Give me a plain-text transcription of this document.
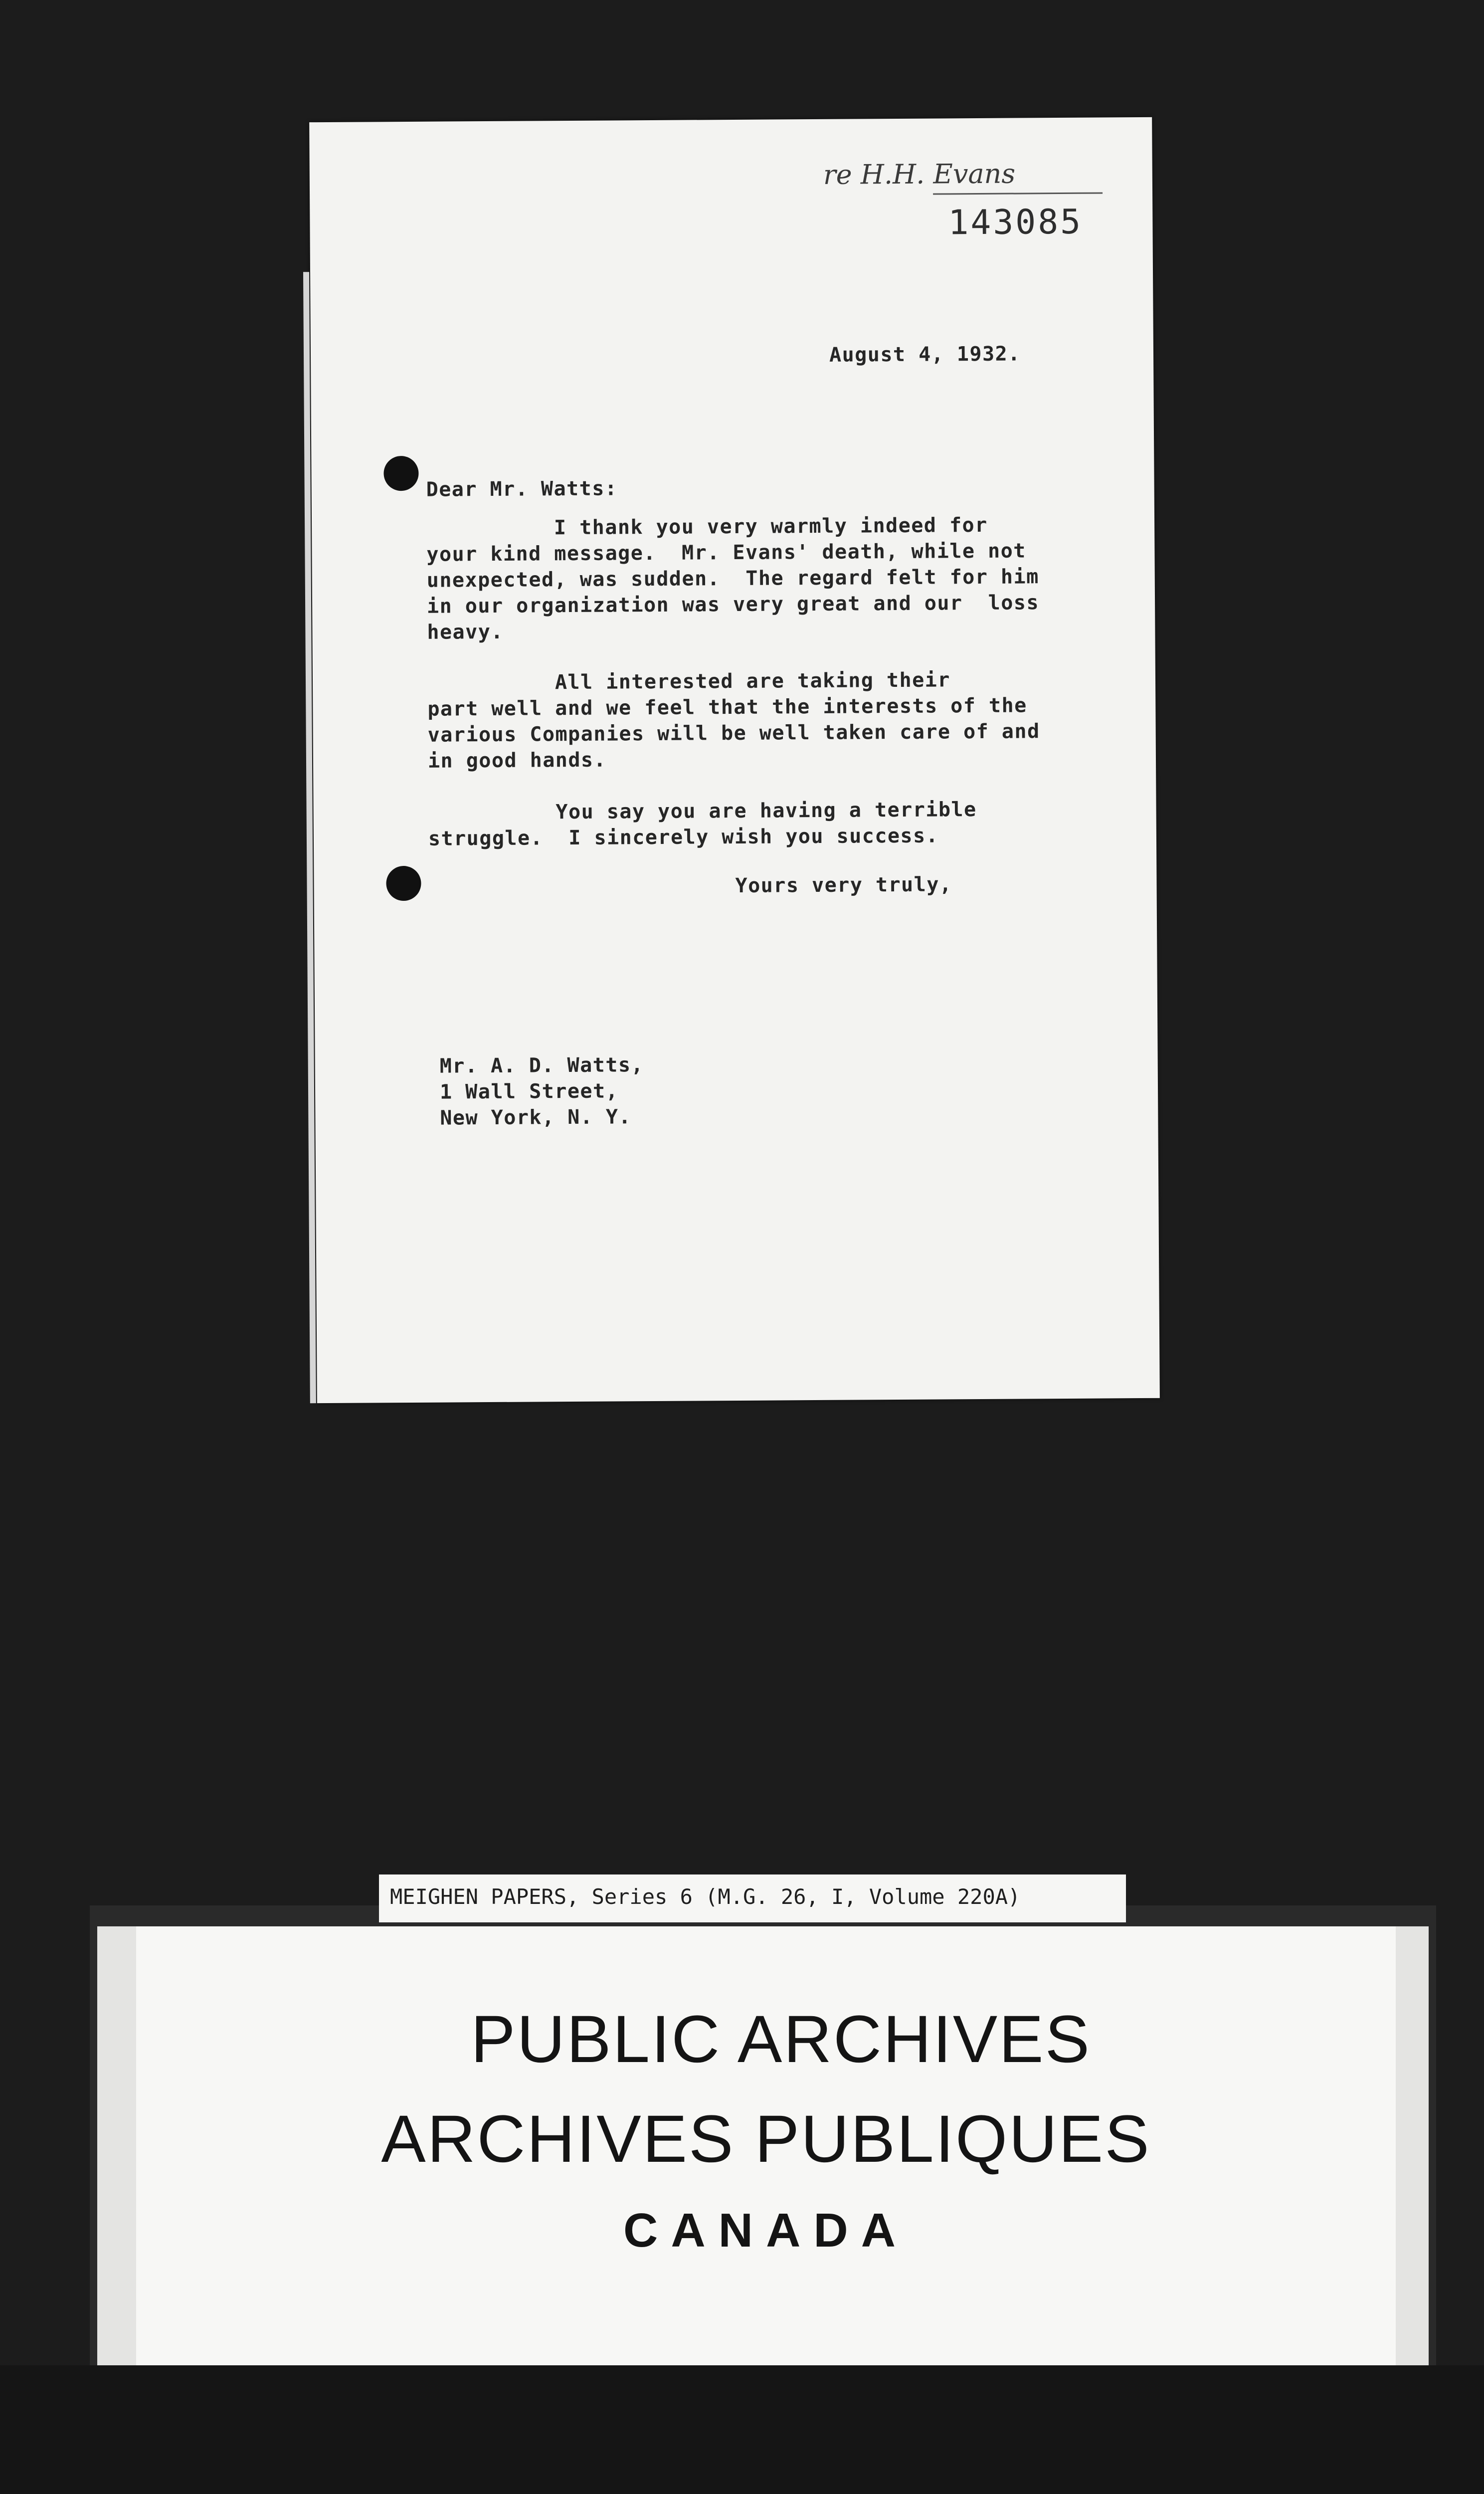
re H.H. Evans
143085
August 4, 1932.
Dear Mr. Watts:
I thank you very warmly indeed for
your kind message.  Mr. Evans' death, while not
unexpected, was sudden.  The regard felt for him
in our organization was very great and our  loss
heavy.
All interested are taking their
part well and we feel that the interests of the
various Companies will be well taken care of and
in good hands.
You say you are having a terrible
struggle.  I sincerely wish you success.
Yours very truly,
Mr. A. D. Watts,
1 Wall Street,
New York, N. Y.
PUBLIC ARCHIVES
ARCHIVES PUBLIQUES
CANADA
MEIGHEN PAPERS, Series 6 (M.G. 26, I, Volume 220A)
